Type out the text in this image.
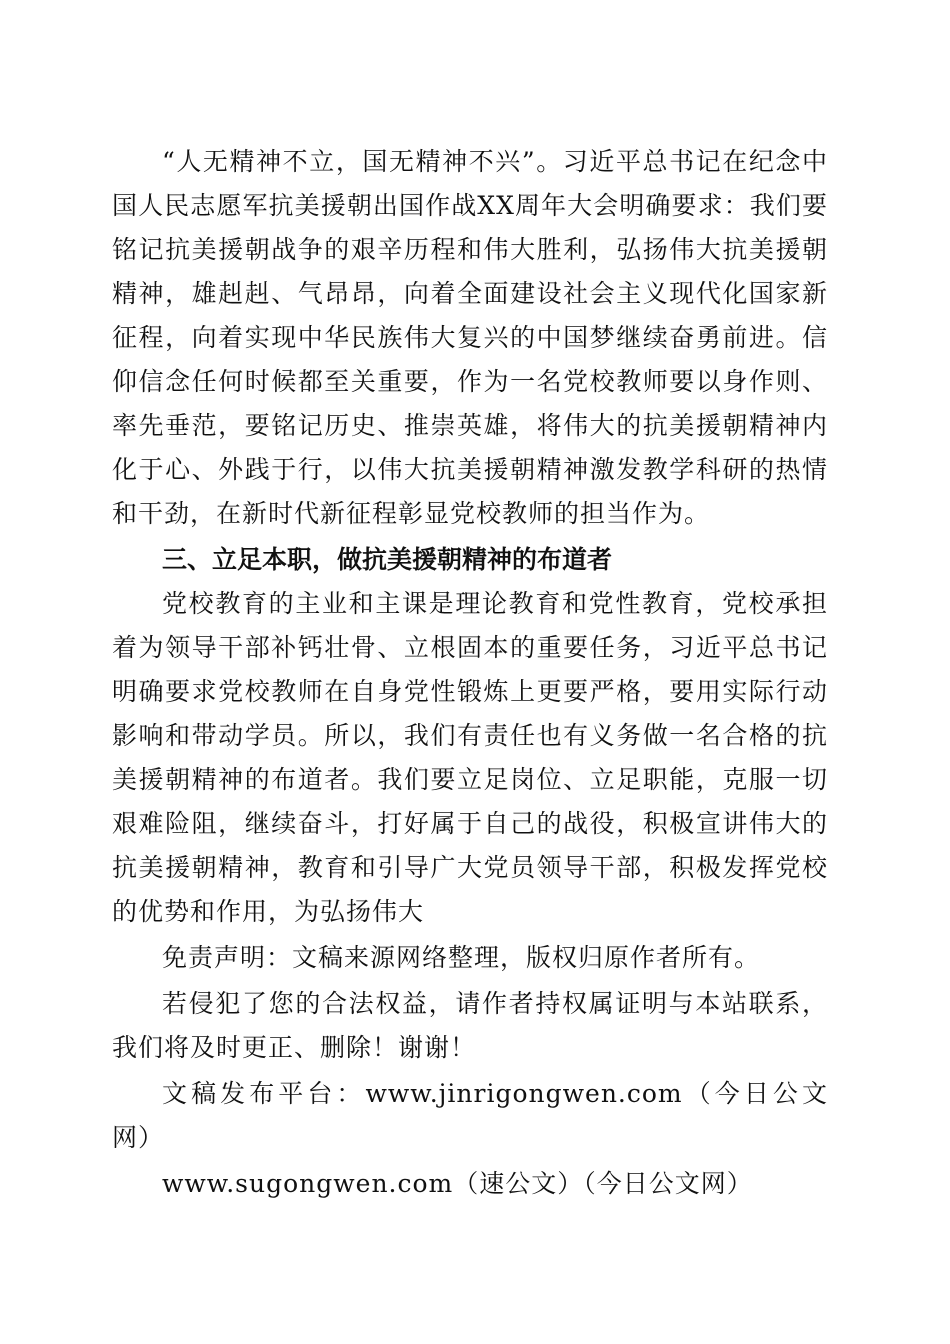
“人无精神不立，国无精神不兴”。习近平总书记在纪念中国人民志愿军抗美援朝出国作战XX周年大会明确要求：我们要铭记抗美援朝战争的艰辛历程和伟大胜利，弘扬伟大抗美援朝精神，雄赳赳、气昂昂，向着全面建设社会主义现代化国家新征程，向着实现中华民族伟大复兴的中国梦继续奋勇前进。信仰信念任何时候都至关重要，作为一名党校教师要以身作则、率先垂范，要铭记历史、推崇英雄，将伟大的抗美援朝精神内化于心、外践于行，以伟大抗美援朝精神激发教学科研的热情和干劲，在新时代新征程彰显党校教师的担当作为。

三、立足本职，做抗美援朝精神的布道者

党校教育的主业和主课是理论教育和党性教育，党校承担着为领导干部补钙壮骨、立根固本的重要任务，习近平总书记明确要求党校教师在自身党性锻炼上更要严格，要用实际行动影响和带动学员。所以，我们有责任也有义务做一名合格的抗美援朝精神的布道者。我们要立足岗位、立足职能，克服一切艰难险阻，继续奋斗，打好属于自己的战役，积极宣讲伟大的抗美援朝精神，教育和引导广大党员领导干部，积极发挥党校的优势和作用，为弘扬伟大

免责声明：文稿来源网络整理，版权归原作者所有。

若侵犯了您的合法权益，请作者持权属证明与本站联系，我们将及时更正、删除！谢谢！

文稿发布平台：www.jinrigongwen.com（今日公文网）

www.sugongwen.com（速公文）（今日公文网）
